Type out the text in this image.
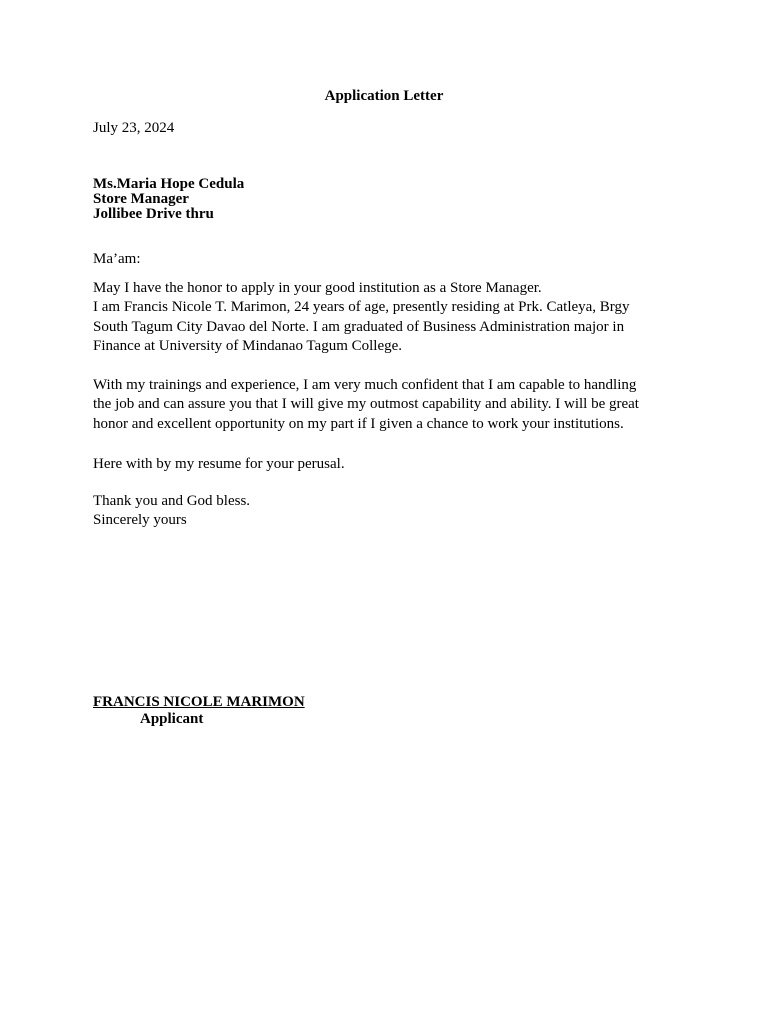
Application Letter
July 23, 2024
Ms.Maria Hope Cedula
Store Manager
Jollibee Drive thru
Ma’am:
May I have the honor to apply in your good institution as a Store Manager.
I am Francis Nicole T. Marimon, 24 years of age, presently residing at Prk. Catleya, Brgy
South Tagum City Davao del Norte. I am graduated of Business Administration major in
Finance at University of Mindanao Tagum College.
With my trainings and experience, I am very much confident that I am capable to handling
the job and can assure you that I will give my outmost capability and ability. I will be great
honor and excellent opportunity on my part if I given a chance to work your institutions.
Here with by my resume for your perusal.
Thank you and God bless.
Sincerely yours
FRANCIS NICOLE MARIMON
Applicant
